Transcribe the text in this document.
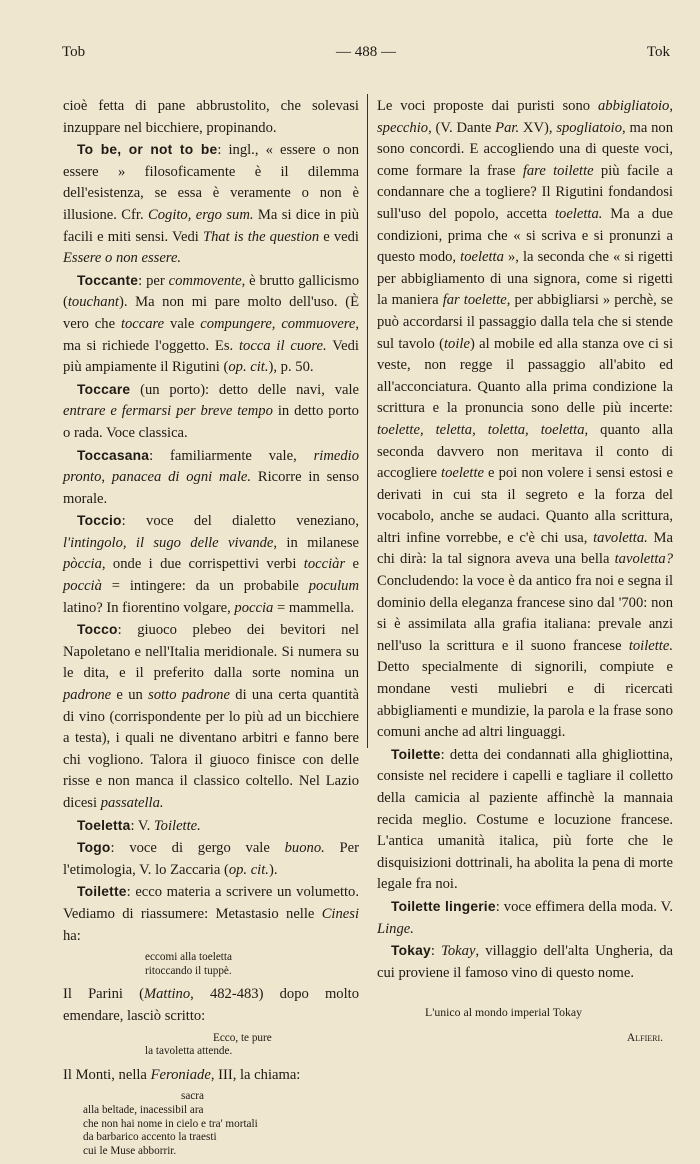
Tob	— 488 —	Tok

cioè fetta di pane abbrustolito, che solevasi inzuppare nel bicchiere, propinando.

To be, or not to be: ingl., « essere o non essere » filosoficamente è il dilemma dell'esistenza, se essa è veramente o non è illusione. Cfr. Cogito, ergo sum. Ma si dice in più facili e miti sensi. Vedi That is the question e vedi Essere o non essere.

Toccante: per commovente, è brutto gallicismo (touchant). Ma non mi pare molto dell'uso. (È vero che toccare vale compungere, commuovere, ma si richiede l'oggetto. Es. tocca il cuore. Vedi più ampiamente il Rigutini (op. cit.), p. 50.

Toccare (un porto): detto delle navi, vale entrare e fermarsi per breve tempo in detto porto o rada. Voce classica.

Toccasana: familiarmente vale, rimedio pronto, panacea di ogni male. Ricorre in senso morale.

Toccio: voce del dialetto veneziano, l'intingolo, il sugo delle vivande, in milanese pòccia, onde i due corrispettivi verbi tocciàr e poccià = intingere: da un probabile poculum latino? In fiorentino volgare, poccia = mammella.

Tocco: giuoco plebeo dei bevitori nel Napoletano e nell'Italia meridionale. Si numera su le dita, e il preferito dalla sorte nomina un padrone e un sotto padrone di una certa quantità di vino (corrispondente per lo più ad un bicchiere a testa), i quali ne diventano arbitri e fanno bere chi vogliono. Talora il giuoco finisce con delle risse e non manca il classico coltello. Nel Lazio dicesi passatella.

Toeletta: V. Toilette.

Togo: voce di gergo vale buono. Per l'etimologia, V. lo Zaccaria (op. cit.).

Toilette: ecco materia a scrivere un volumetto. Vediamo di riassumere: Metastasio nelle Cinesi ha:

eccomi alla toeletta
ritoccando il tuppè.

Il Parini (Mattino, 482-483) dopo molto emendare, lasciò scritto:

Ecco, te pure
la tavoletta attende.

Il Monti, nella Feroniade, III, la chiama:

sacra
alla beltade, inacessibil ara
che non hai nome in cielo e tra' mortali
da barbarico accento la traesti
cui le Muse abborrir.

Le voci proposte dai puristi sono abbigliatoio, specchio, (V. Dante Par. XV), spogliatoio, ma non sono concordi. E accogliendo una di queste voci, come formare la frase fare toilette più facile a condannare che a togliere? Il Rigutini fondandosi sull'uso del popolo, accetta toeletta. Ma a due condizioni, prima che « si scriva e si pronunzi a questo modo, toeletta », la seconda che « si rigetti per abbigliamento di una signora, come si rigetti la maniera far toelette, per abbigliarsi » perchè, se può accordarsi il passaggio dalla tela che si stende sul tavolo (toile) al mobile ed alla stanza ove ci si veste, non regge il passaggio all'abito ed all'acconciatura. Quanto alla prima condizione la scrittura e la pronuncia sono delle più incerte: toelette, teletta, toletta, toeletta, quanto alla seconda davvero non meritava il conto di accogliere toelette e poi non volere i sensi estosi e derivati in cui sta il segreto e la forza del vocabolo, anche se audaci. Quanto alla scrittura, altri infine vorrebbe, e c'è chi usa, tavoletta. Ma chi dirà: la tal signora aveva una bella tavoletta? Concludendo: la voce è da antico fra noi e segna il dominio della eleganza francese sino dal '700: non si è assimilata alla grafia italiana: prevale anzi nell'uso la scrittura e il suono francese toilette. Detto specialmente di signorili, compiute e mondane vesti muliebri e di ricercati abbigliamenti e mundizie, la parola e la frase sono comuni anche ad altri linguaggi.

Toilette: detta dei condannati alla ghigliottina, consiste nel recidere i capelli e tagliare il colletto della camicia al paziente affinchè la mannaia recida meglio. Costume e locuzione francese. L'antica umanità italica, più forte che le disquisizioni dottrinali, ha abolita la pena di morte legale fra noi.

Toilette lingerie: voce effimera della moda. V. Linge.

Tokay: Tokay, villaggio dell'alta Ungheria, da cui proviene il famoso vino di questo nome.

L'unico al mondo imperial Tokay
Alfieri.
